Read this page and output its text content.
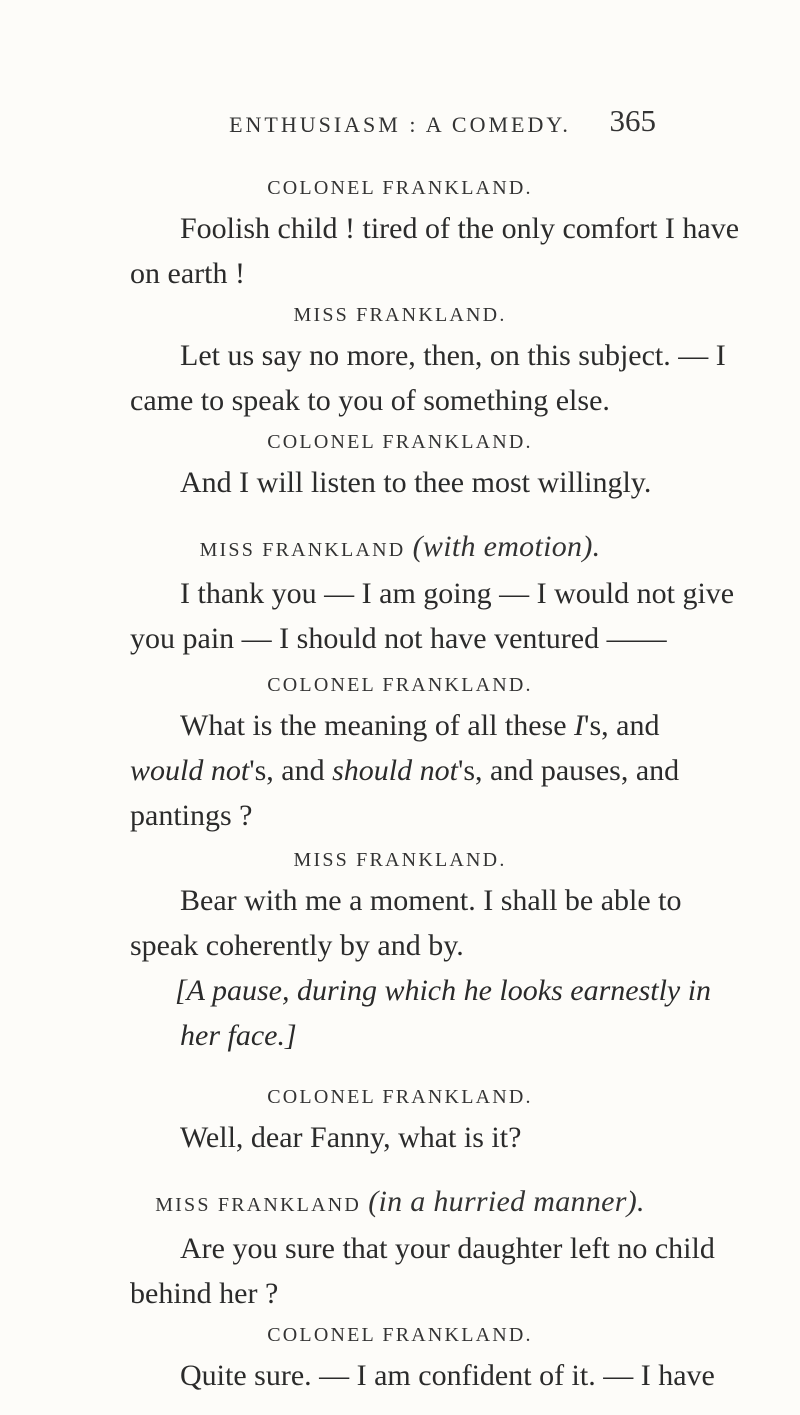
ENTHUSIASM : A COMEDY.	365
COLONEL FRANKLAND.

Foolish child ! tired of the only comfort I have on earth !

MISS FRANKLAND.

Let us say no more, then, on this subject. — I came to speak to you of something else.

COLONEL FRANKLAND.

And I will listen to thee most willingly.

MISS FRANKLAND (with emotion).

I thank you — I am going — I would not give you pain — I should not have ventured ——

COLONEL FRANKLAND.

What is the meaning of all these I's, and would not's, and should not's, and pauses, and pantings ?

MISS FRANKLAND.

Bear with me a moment. I shall be able to speak coherently by and by.

[A pause, during which he looks earnestly in her face.]

COLONEL FRANKLAND.

Well, dear Fanny, what is it?

MISS FRANKLAND (in a hurried manner).

Are you sure that your daughter left no child behind her ?

COLONEL FRANKLAND.

Quite sure. — I am confident of it. — I have
